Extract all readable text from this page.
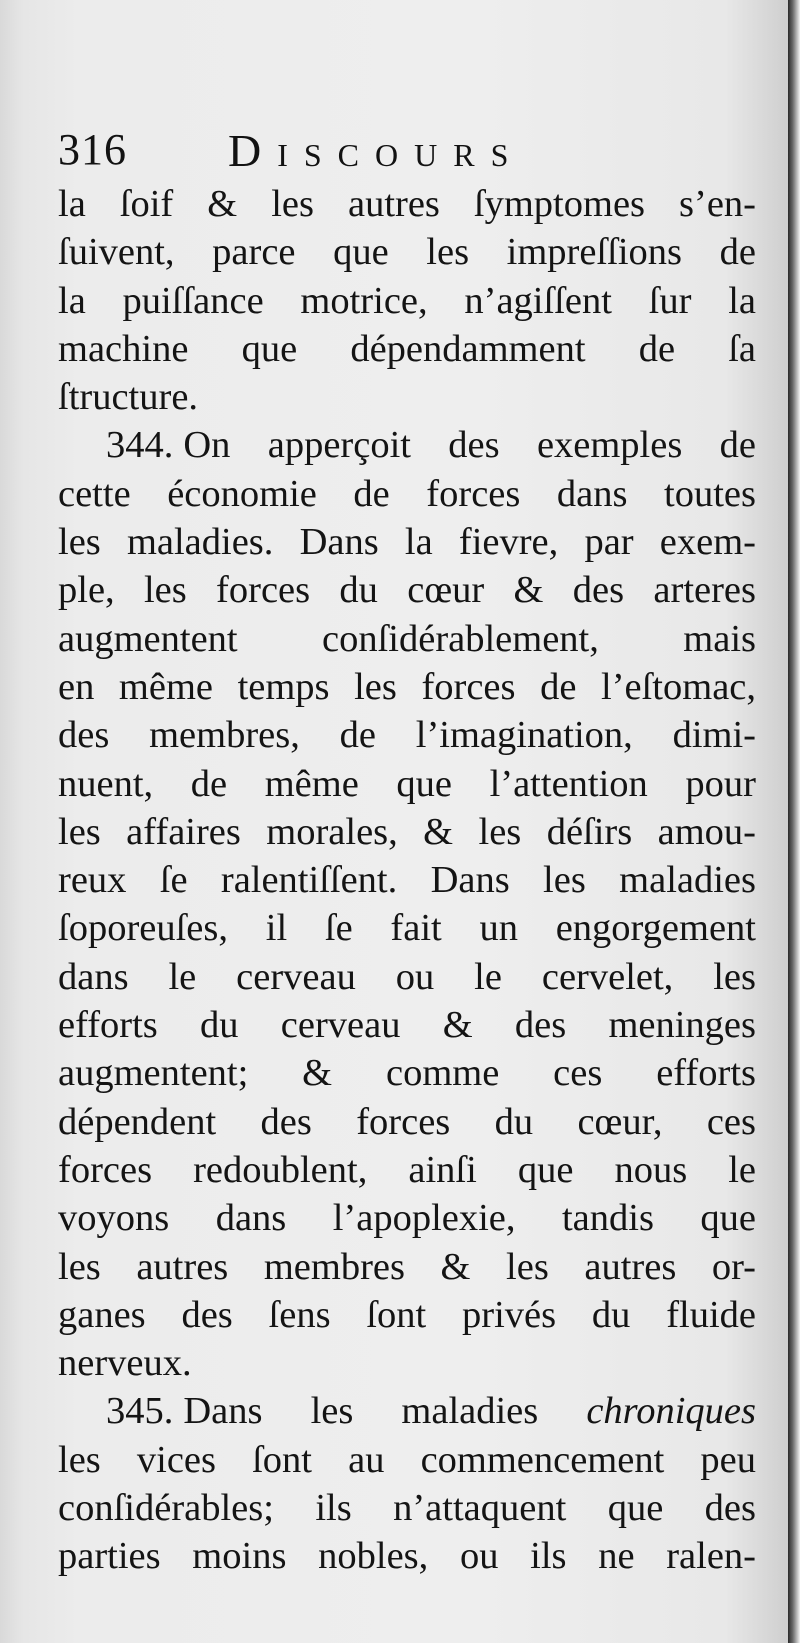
316 Discours
la ſoif & les autres ſymptomes s’en-
ſuivent, parce que les impreſſions de
la puiſſance motrice, n’agiſſent ſur la
machine que dépendamment de ſa
ſtructure.
344. On apperçoit des exemples de
cette économie de forces dans toutes
les maladies. Dans la fievre, par exem-
ple, les forces du cœur & des arteres
augmentent conſidérablement, mais
en même temps les forces de l’eſtomac,
des membres, de l’imagination, dimi-
nuent, de même que l’attention pour
les affaires morales, & les déſirs amou-
reux ſe ralentiſſent. Dans les maladies
ſoporeuſes, il ſe fait un engorgement
dans le cerveau ou le cervelet, les
efforts du cerveau & des meninges
augmentent; & comme ces efforts
dépendent des forces du cœur, ces
forces redoublent, ainſi que nous le
voyons dans l’apoplexie, tandis que
les autres membres & les autres or-
ganes des ſens ſont privés du fluide
nerveux.
345. Dans les maladies chroniques
les vices ſont au commencement peu
conſidérables; ils n’attaquent que des
parties moins nobles, ou ils ne ralen-
